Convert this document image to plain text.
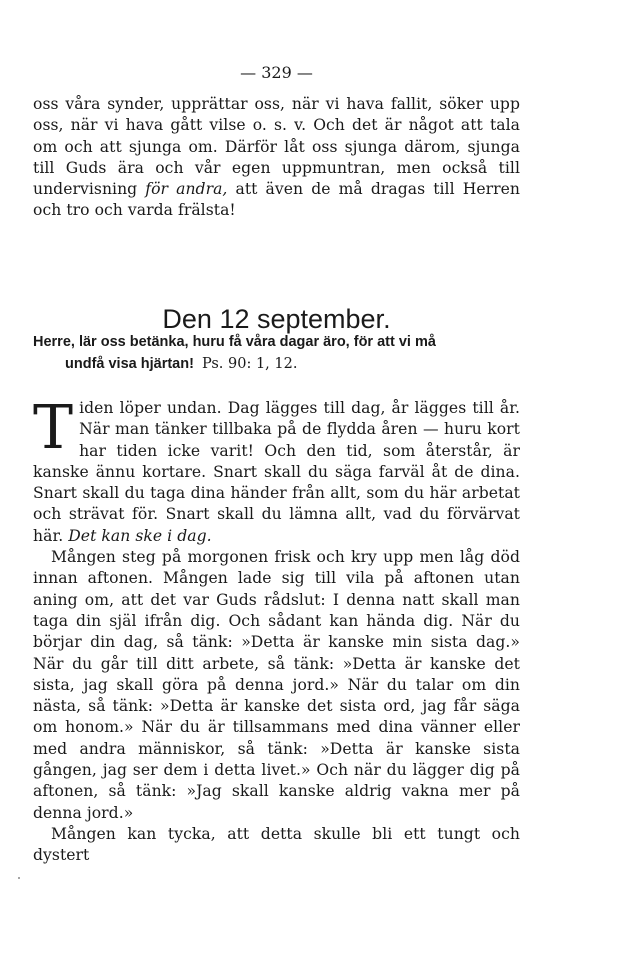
— 329 —
oss våra synder, upprättar oss, när vi hava fallit, söker upp oss, när vi hava gått vilse o. s. v. Och det är något att tala om och att sjunga om. Därför låt oss sjunga därom, sjunga till Guds ära och vår egen uppmuntran, men också till undervisning för andra, att även de må dragas till Herren och tro och varda frälsta!
Den 12 september.
Herre, lär oss betänka, huru få våra dagar äro, för att vi må
undfå visa hjärtan! Ps. 90: 1, 12.

Tiden löper undan. Dag lägges till dag, år lägges till år. När man tänker tillbaka på de flydda åren — huru kort har tiden icke varit! Och den tid, som återstår, är kanske ännu kortare. Snart skall du säga farväl åt de dina. Snart skall du taga dina händer från allt, som du här arbetat och strävat för. Snart skall du lämna allt, vad du förvärvat här. Det kan ske i dag.

Mången steg på morgonen frisk och kry upp men låg död innan aftonen. Mången lade sig till vila på aftonen utan aning om, att det var Guds rådslut: I denna natt skall man taga din själ ifrån dig. Och sådant kan hända dig. När du börjar din dag, så tänk: »Detta är kanske min sista dag.» När du går till ditt arbete, så tänk: »Detta är kanske det sista, jag skall göra på denna jord.» När du talar om din nästa, så tänk: »Detta är kanske det sista ord, jag får säga om honom.» När du är tillsammans med dina vänner eller med andra människor, så tänk: »Detta är kanske sista gången, jag ser dem i detta livet.» Och när du lägger dig på aftonen, så tänk: »Jag skall kanske aldrig vakna mer på denna jord.»

Mången kan tycka, att detta skulle bli ett tungt och dystert
